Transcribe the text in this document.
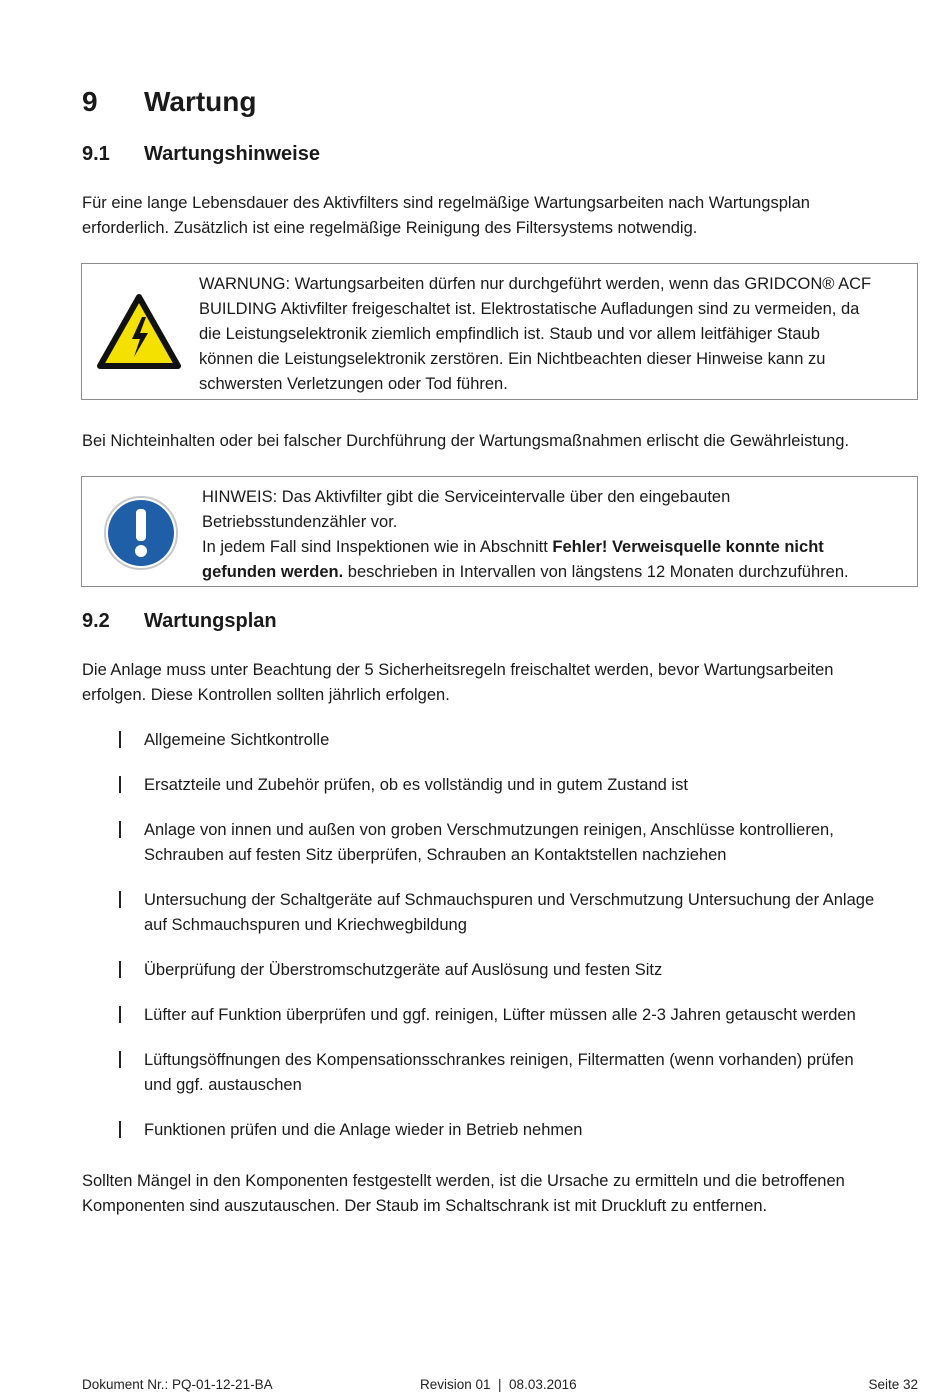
9 Wartung
9.1 Wartungshinweise
Für eine lange Lebensdauer des Aktivfilters sind regelmäßige Wartungsarbeiten nach Wartungsplan
erforderlich. Zusätzlich ist eine regelmäßige Reinigung des Filtersystems notwendig.
WARNUNG: Wartungsarbeiten dürfen nur durchgeführt werden, wenn das GRIDCON® ACF
BUILDING Aktivfilter freigeschaltet ist. Elektrostatische Aufladungen sind zu vermeiden, da
die Leistungselektronik ziemlich empfindlich ist. Staub und vor allem leitfähiger Staub
können die Leistungselektronik zerstören. Ein Nichtbeachten dieser Hinweise kann zu
schwersten Verletzungen oder Tod führen.
Bei Nichteinhalten oder bei falscher Durchführung der Wartungsmaßnahmen erlischt die Gewährleistung.
HINWEIS: Das Aktivfilter gibt die Serviceintervalle über den eingebauten
Betriebsstundenzähler vor.
In jedem Fall sind Inspektionen wie in Abschnitt Fehler! Verweisquelle konnte nicht
gefunden werden. beschrieben in Intervallen von längstens 12 Monaten durchzuführen.
9.2 Wartungsplan
Die Anlage muss unter Beachtung der 5 Sicherheitsregeln freischaltet werden, bevor Wartungsarbeiten
erfolgen. Diese Kontrollen sollten jährlich erfolgen.
Allgemeine Sichtkontrolle
Ersatzteile und Zubehör prüfen, ob es vollständig und in gutem Zustand ist
Anlage von innen und außen von groben Verschmutzungen reinigen, Anschlüsse kontrollieren,
Schrauben auf festen Sitz überprüfen, Schrauben an Kontaktstellen nachziehen
Untersuchung der Schaltgeräte auf Schmauchspuren und Verschmutzung Untersuchung der Anlage
auf Schmauchspuren und Kriechwegbildung
Überprüfung der Überstromschutzgeräte auf Auslösung und festen Sitz
Lüfter auf Funktion überprüfen und ggf. reinigen, Lüfter müssen alle 2-3 Jahren getauscht werden
Lüftungsöffnungen des Kompensationsschrankes reinigen, Filtermatten (wenn vorhanden) prüfen
und ggf. austauschen
Funktionen prüfen und die Anlage wieder in Betrieb nehmen
Sollten Mängel in den Komponenten festgestellt werden, ist die Ursache zu ermitteln und die betroffenen
Komponenten sind auszutauschen. Der Staub im Schaltschrank ist mit Druckluft zu entfernen.
Dokument Nr.: PQ-01-12-21-BA	Revision 01  |  08.03.2016	Seite 32
